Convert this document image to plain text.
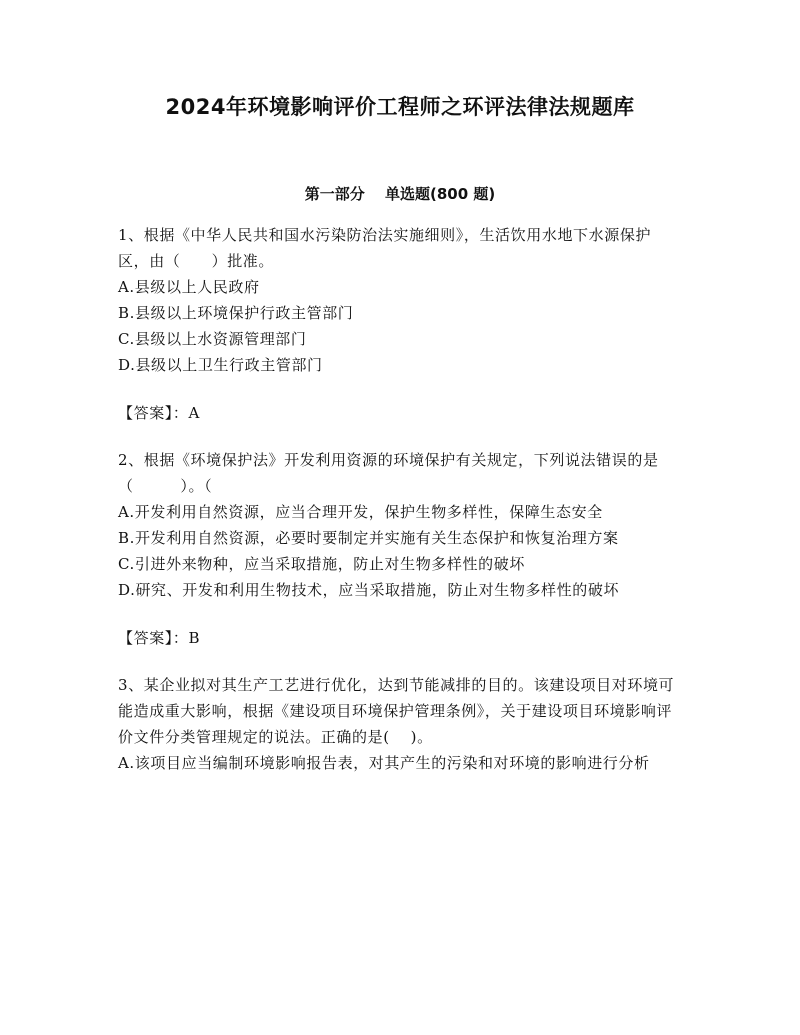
2024年环境影响评价工程师之环评法律法规题库
第一部分　 单选题(800 题)

1、根据《中华人民共和国水污染防治法实施细则》，生活饮用水地下水源保护区，由（　　）批准。

A.县级以上人民政府
B.县级以上环境保护行政主管部门
C.县级以上水资源管理部门
D.县级以上卫生行政主管部门
【答案】：A

2、根据《环境保护法》开发利用资源的环境保护有关规定，下列说法错误的是（　　　）。（

A.开发利用自然资源，应当合理开发，保护生物多样性，保障生态安全
B.开发利用自然资源，必要时要制定并实施有关生态保护和恢复治理方案
C.引进外来物种，应当采取措施，防止对生物多样性的破坏
D.研究、开发和利用生物技术，应当采取措施，防止对生物多样性的破坏
【答案】：B

3、某企业拟对其生产工艺进行优化，达到节能减排的目的。该建设项目对环境可能造成重大影响，根据《建设项目环境保护管理条例》，关于建设项目环境影响评价文件分类管理规定的说法。正确的是(　 )。

A.该项目应当编制环境影响报告表，对其产生的污染和对环境的影响进行分析
